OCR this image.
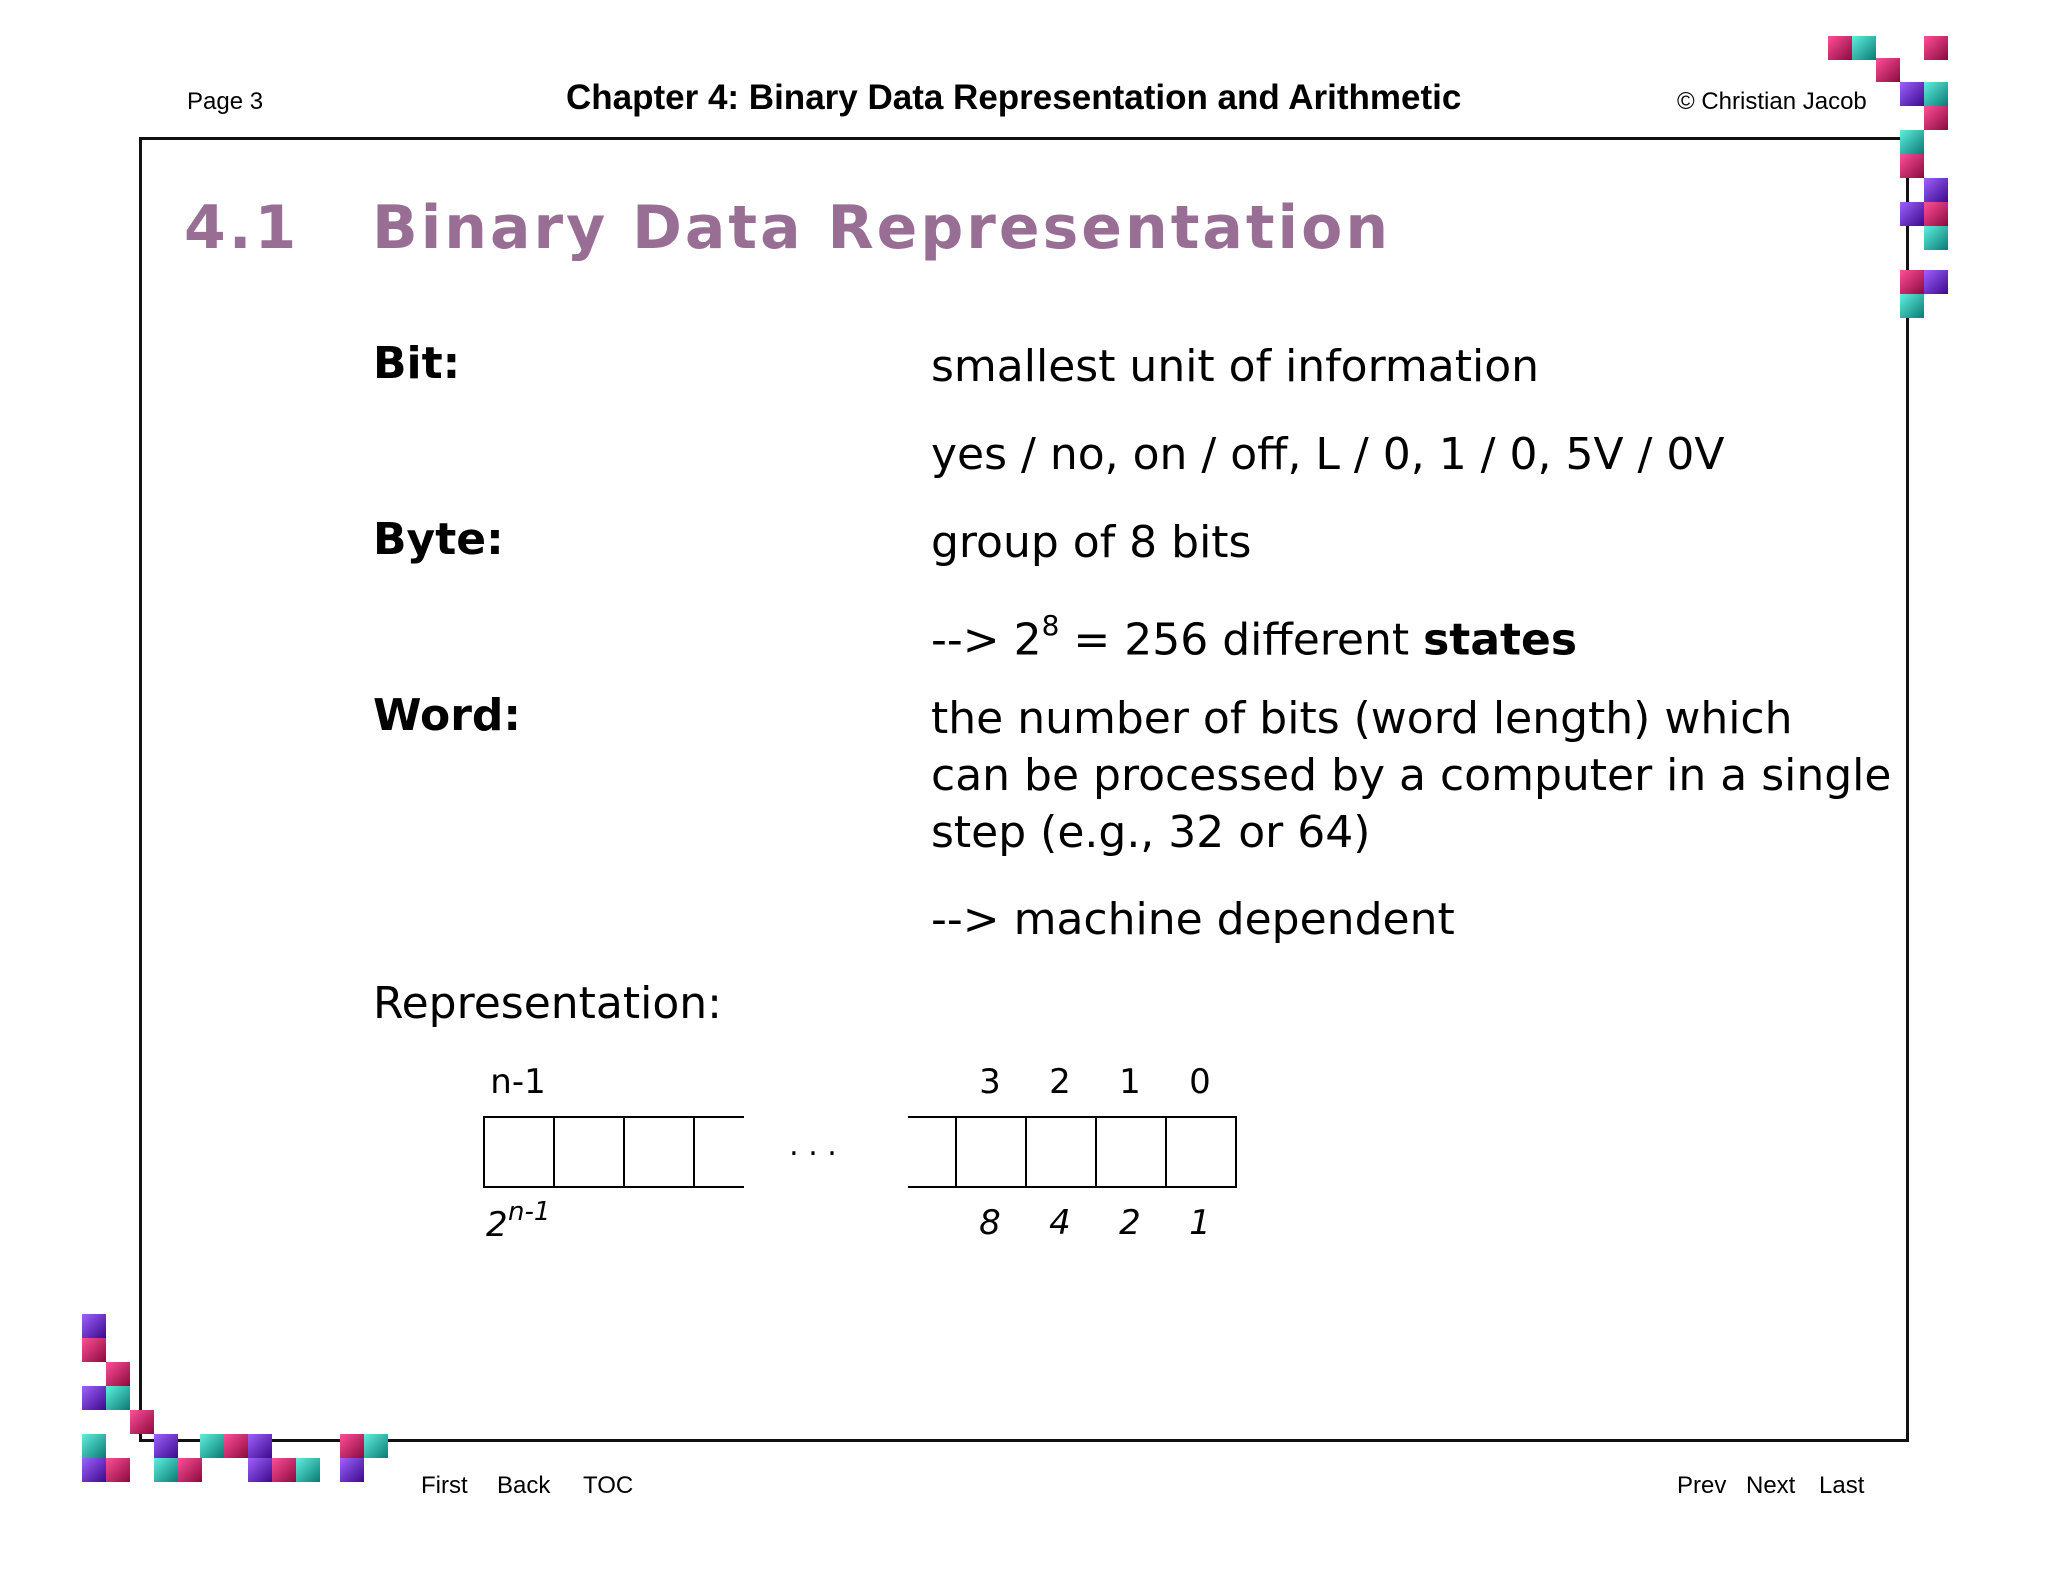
Page 3	Chapter 4: Binary Data Representation and Arithmetic	© Christian Jacob
4.1 Binary Data Representation
Bit:	smallest unit of information
yes / no, on / off, L / 0, 1 / 0, 5V / 0V
Byte:	group of 8 bits
--> $2^8 = 256$ different states
Word:	the number of bits (word length) which
can be processed by a computer in a single
step (e.g., 32 or 64)
--> machine dependent
Representation:
n-1	3 2 1 0
. . .
2 n-1	8 4 2 1
First Back TOC	Prev Next Last
